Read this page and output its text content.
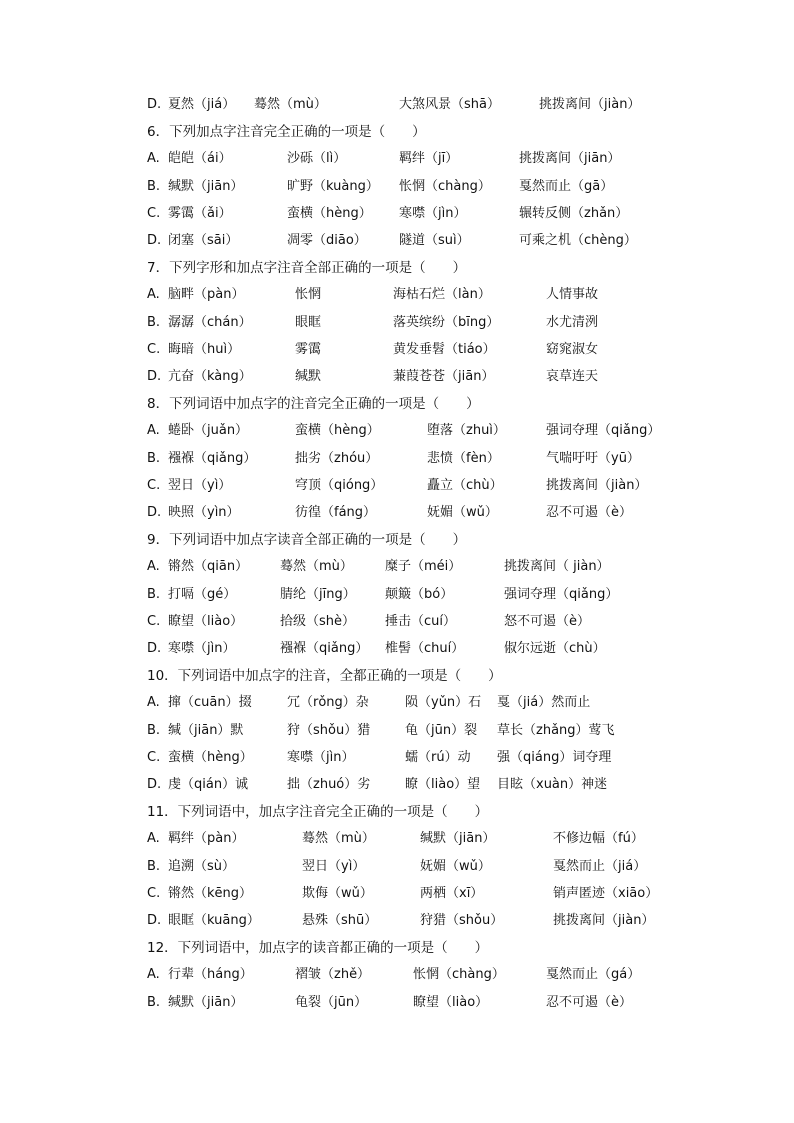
D. 夏然（jiá） 蓦然（mù）	大煞风景（shā）	挑拨离间（jiàn）
6．下列加点字注音完全正确的一项是（　　）
A. 皑皑（ái）	沙砾（lì）	羁绊（jī）	挑拨离间（jiān）
B. 缄默（jiān）	旷野（kuàng） 怅惘（chàng） 戛然而止（gā）
C. 雾霭（ǎi）	蛮横（hèng） 寒噤（jìn）	辗转反侧（zhǎn）
D. 闭塞（sāi）	凋零（diāo） 隧道（suì）	可乘之机（chèng）
7．下列字形和加点字注音全部正确的一项是（　　）
A. 脑畔（pàn）	怅惘	海枯石烂（làn）	人情事故
B. 潺潺（chán）	眼眶	落英缤纷（bīng）	水尤清洌
C. 晦暗（huì）	雾霭	黄发垂髫（tiáo）	窈窕淑女
D. 亢奋（kàng）	缄默	蒹葭苍苍（jiān）	哀草连天
8．下列词语中加点字的注音完全正确的一项是（　　）
A. 蜷卧（juǎn）	蛮横（hèng）	堕落（zhuì）	强词夺理（qiǎng）
B. 襁褓（qiǎng）	拙劣（zhóu）	悲愤（fèn）	气喘吁吁（yū）
C. 翌日（yì）	穹顶（qióng）	矗立（chù）	挑拨离间（jiàn）
D. 映照（yìn）	彷徨（fáng）	妩媚（wǔ）	忍不可遏（è）
9．下列词语中加点字读音全部正确的一项是（　　）
A. 锵然（qiān） 蓦然（mù） 糜子（méi）	挑拨离间（ jiàn）
B. 打嗝（gé）	腈纶（jīng） 颠簸（bó）	强词夺理（qiǎng）
C. 瞭望（liào）	拾级（shè） 捶击（cuí）	怒不可遏（è）
D. 寒噤（jìn）	襁褓（qiǎng） 椎髻（chuí）	俶尔远逝（chù）
10．下列词语中加点字的注音，全都正确的一项是（　　）
A. 撺（cuān）掇	冗（rǒng）杂	陨（yǔn）石 戛（jiá）然而止
B. 缄（jiān）默	狩（shǒu）猎	龟（jūn）裂 草长（zhǎng）莺飞
C. 蛮横（hèng）	寒噤（jìn）	蠕（rú）动 强（qiáng）词夺理
D. 虔（qián）诚	拙（zhuó）劣	瞭（liào）望 目眩（xuàn）神迷
11．下列词语中，加点字注音完全正确的一项是（　　）
A. 羁绊（pàn）	蓦然（mù）	缄默（jiān）	不修边幅（fú）
B. 追溯（sù）	翌日（yì）	妩媚（wǔ）	戛然而止（jiá）
C. 锵然（kēng）	欺侮（wǔ）	两栖（xī）	销声匿迹（xiāo）
D. 眼眶（kuāng）	悬殊（shū）	狩猎（shǒu）	挑拨离间（jiàn）
12．下列词语中，加点字的读音都正确的一项是（　　）
A. 行辈（háng）	褶皱（zhě）	怅惘（chàng）	戛然而止（gá）
B. 缄默（jiān）	龟裂（jūn）	瞭望（liào）	忍不可遏（è）
